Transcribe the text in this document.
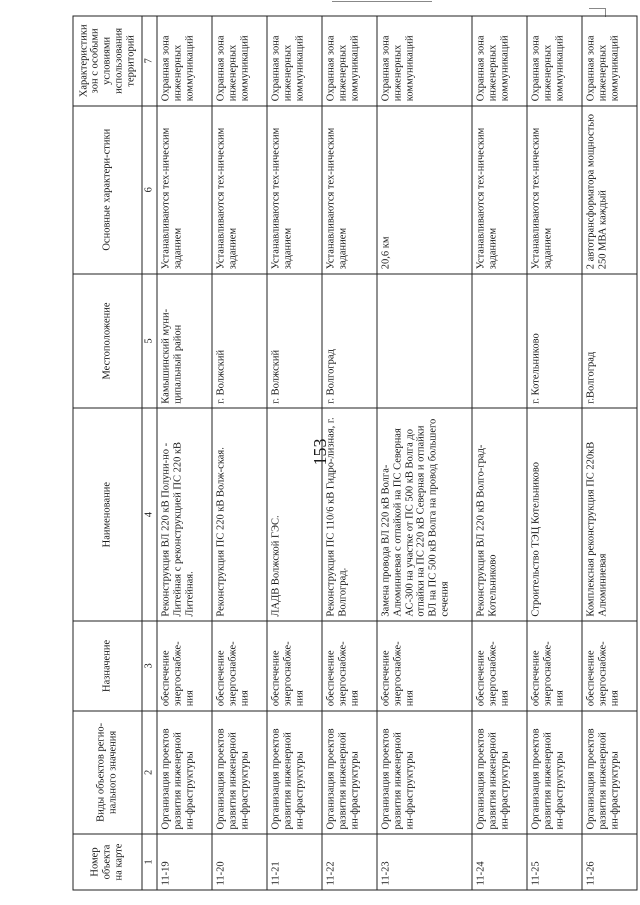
153
Номер объекта на карте	Виды объектов регио-нального значения	Назначение	Наименование	Местоположение	Основные характери-стики	Характеристики зон с особыми условиями использования территорий
1	2	3	4	5	6	7
11-19	Организация проектов развития инженерной ин-фраструктуры	обеспечение энергоснабже-ния	Реконструкция ВЛ 220 кВ Полуни-но - Литейная с реконструкцией ПС 220 кВ Литейная.	Камышинский муни-ципальный район	Устанавливаются тех-ническим заданием	Охранная зона инженерных коммуникаций
11-20	Организация проектов развития инженерной ин-фраструктуры	обеспечение энергоснабже-ния	Реконструкция ПС 220 кВ Волж-ская.	г. Волжский	Устанавливаются тех-ническим заданием	Охранная зона инженерных коммуникаций
11-21	Организация проектов развития инженерной ин-фраструктуры	обеспечение энергоснабже-ния	ЛАДВ Волжской ГЭС.	г. Волжский	Устанавливаются тех-ническим заданием	Охранная зона инженерных коммуникаций
11-22	Организация проектов развития инженерной ин-фраструктуры	обеспечение энергоснабже-ния	Реконструкция ПС 110/6 кВ Гидро-лизная, г. Волгоград.	г. Волгоград	Устанавливаются тех-ническим заданием	Охранная зона инженерных коммуникаций
11-23	Организация проектов развития инженерной ин-фраструктуры	обеспечение энергоснабже-ния	Замена провода ВЛ 220 кВ Волга-Алюминиевая с отпайкой на ПС Северная АС-300 на участке от ПС 500 кВ Волга до отпайки на ПС 220 кВ Северная и отпайки ВЛ на ПС 500 кВ Волга на провод большего сечения		20,6 км	Охранная зона инженерных коммуникаций
11-24	Организация проектов развития инженерной ин-фраструктуры	обеспечение энергоснабже-ния	Реконструкция ВЛ 220 кВ Волго-град-Котельниково		Устанавливаются тех-ническим заданием	Охранная зона инженерных коммуникаций
11-25	Организация проектов развития инженерной ин-фраструктуры	обеспечение энергоснабже-ния	Строительство ТЭЦ Котельниково	г. Котельниково	Устанавливаются тех-ническим заданием	Охранная зона инженерных коммуникаций
11-26	Организация проектов развития инженерной ин-фраструктуры	обеспечение энергоснабже-ния	Комплексная реконструкция ПС 220кВ Алюминиевая	г.Волгоград	2 автотрансформатора мощностью 250 МВА каждый	Охранная зона инженерных коммуникаций
